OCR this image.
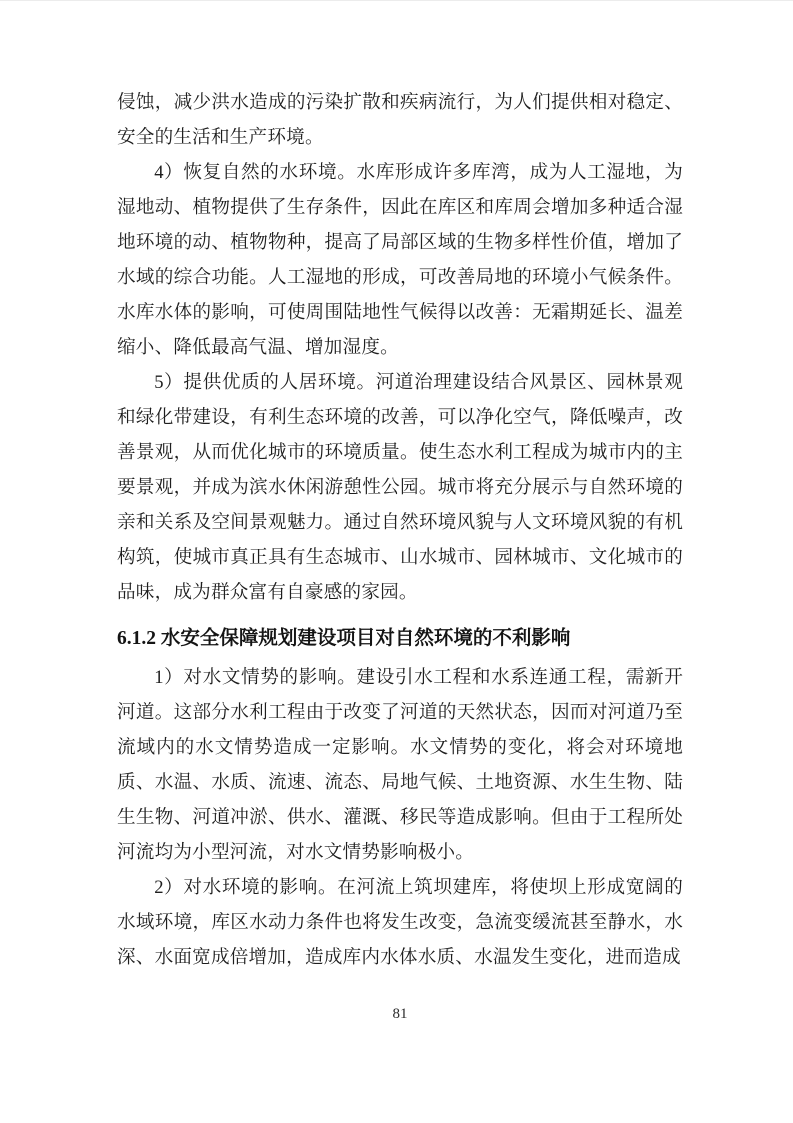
侵蚀，减少洪水造成的污染扩散和疾病流行，为人们提供相对稳定、安全的生活和生产环境。

4）恢复自然的水环境。水库形成许多库湾，成为人工湿地，为湿地动、植物提供了生存条件，因此在库区和库周会增加多种适合湿地环境的动、植物物种，提高了局部区域的生物多样性价值，增加了水域的综合功能。人工湿地的形成，可改善局地的环境小气候条件。水库水体的影响，可使周围陆地性气候得以改善：无霜期延长、温差缩小、降低最高气温、增加湿度。

5）提供优质的人居环境。河道治理建设结合风景区、园林景观和绿化带建设，有利生态环境的改善，可以净化空气，降低噪声，改善景观，从而优化城市的环境质量。使生态水利工程成为城市内的主要景观，并成为滨水休闲游憩性公园。城市将充分展示与自然环境的亲和关系及空间景观魅力。通过自然环境风貌与人文环境风貌的有机构筑，使城市真正具有生态城市、山水城市、园林城市、文化城市的品味，成为群众富有自豪感的家园。

6.1.2 水安全保障规划建设项目对自然环境的不利影响

1）对水文情势的影响。建设引水工程和水系连通工程，需新开河道。这部分水利工程由于改变了河道的天然状态，因而对河道乃至流域内的水文情势造成一定影响。水文情势的变化，将会对环境地质、水温、水质、流速、流态、局地气候、土地资源、水生生物、陆生生物、河道冲淤、供水、灌溉、移民等造成影响。但由于工程所处河流均为小型河流，对水文情势影响极小。

2）对水环境的影响。在河流上筑坝建库，将使坝上形成宽阔的水域环境，库区水动力条件也将发生改变，急流变缓流甚至静水，水深、水面宽成倍增加，造成库内水体水质、水温发生变化，进而造成

81
